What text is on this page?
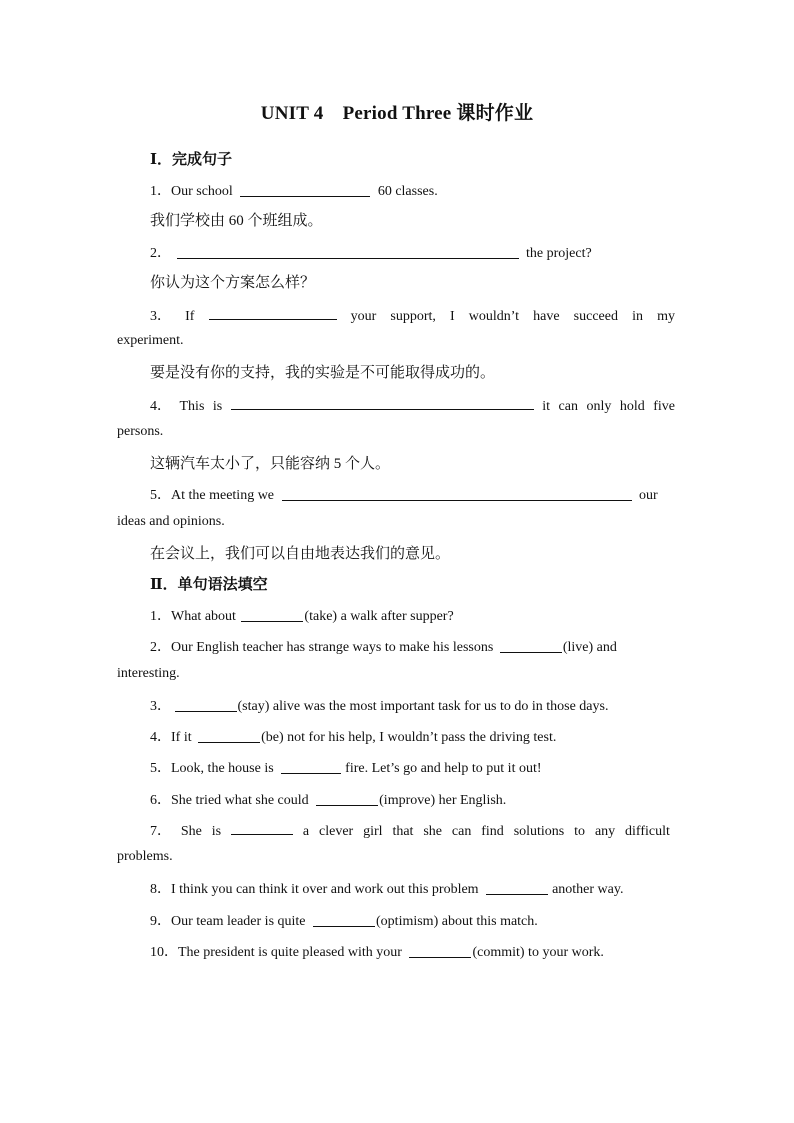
UNIT 4　Period Three 课时作业
Ⅰ．完成句子
1．Our school	60 classes.
我们学校由 60 个班组成。
2．	the project?
你认为这个方案怎么样？
3． If	your support, I wouldn’t have succeed in my
experiment.
要是没有你的支持，我的实验是不可能取得成功的。
4． This is	it can only hold five
persons.
这辆汽车太小了，只能容纳 5 个人。
5．At the meeting we	our
ideas and opinions.
在会议上，我们可以自由地表达我们的意见。
Ⅱ．单句语法填空
1．What about	(take) a walk after supper?
2．Our English teacher has strange ways to make his lessons	(live) and
interesting.
3．	(stay) alive was the most important task for us to do in those days.
4．If it	(be) not for his help, I wouldn’t pass the driving test.
5．Look, the house is	fire. Let’s go and help to put it out!
6．She tried what she could	(improve) her English.
7． She is	a clever girl that she can find solutions to any difficult
problems.
8．I think you can think it over and work out this problem	another way.
9．Our team leader is quite	(optimism) about this match.
10．The president is quite pleased with your	(commit) to your work.
